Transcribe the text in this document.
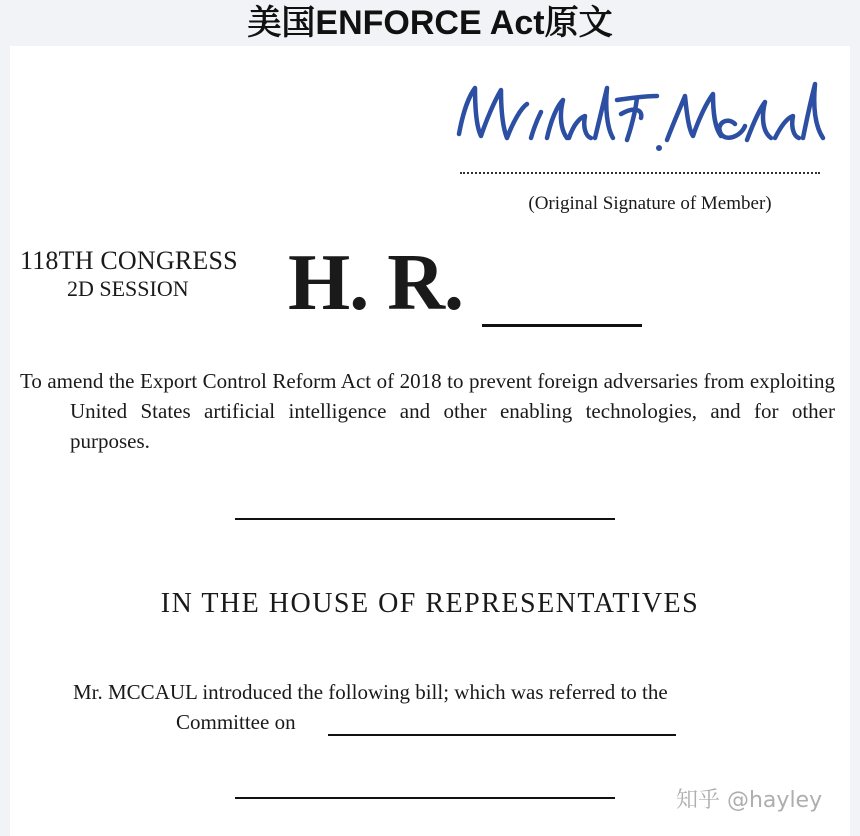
美国ENFORCE Act原文
(Original Signature of Member)
118TH CONGRESS
2D SESSION H. R.
To amend the Export Control Reform Act of 2018 to prevent foreign adversaries from exploiting United States artificial intelligence and other enabling technologies, and for other purposes.
IN THE HOUSE OF REPRESENTATIVES
Mr. MCCAUL introduced the following bill; which was referred to the
Committee on
知乎 @hayley
